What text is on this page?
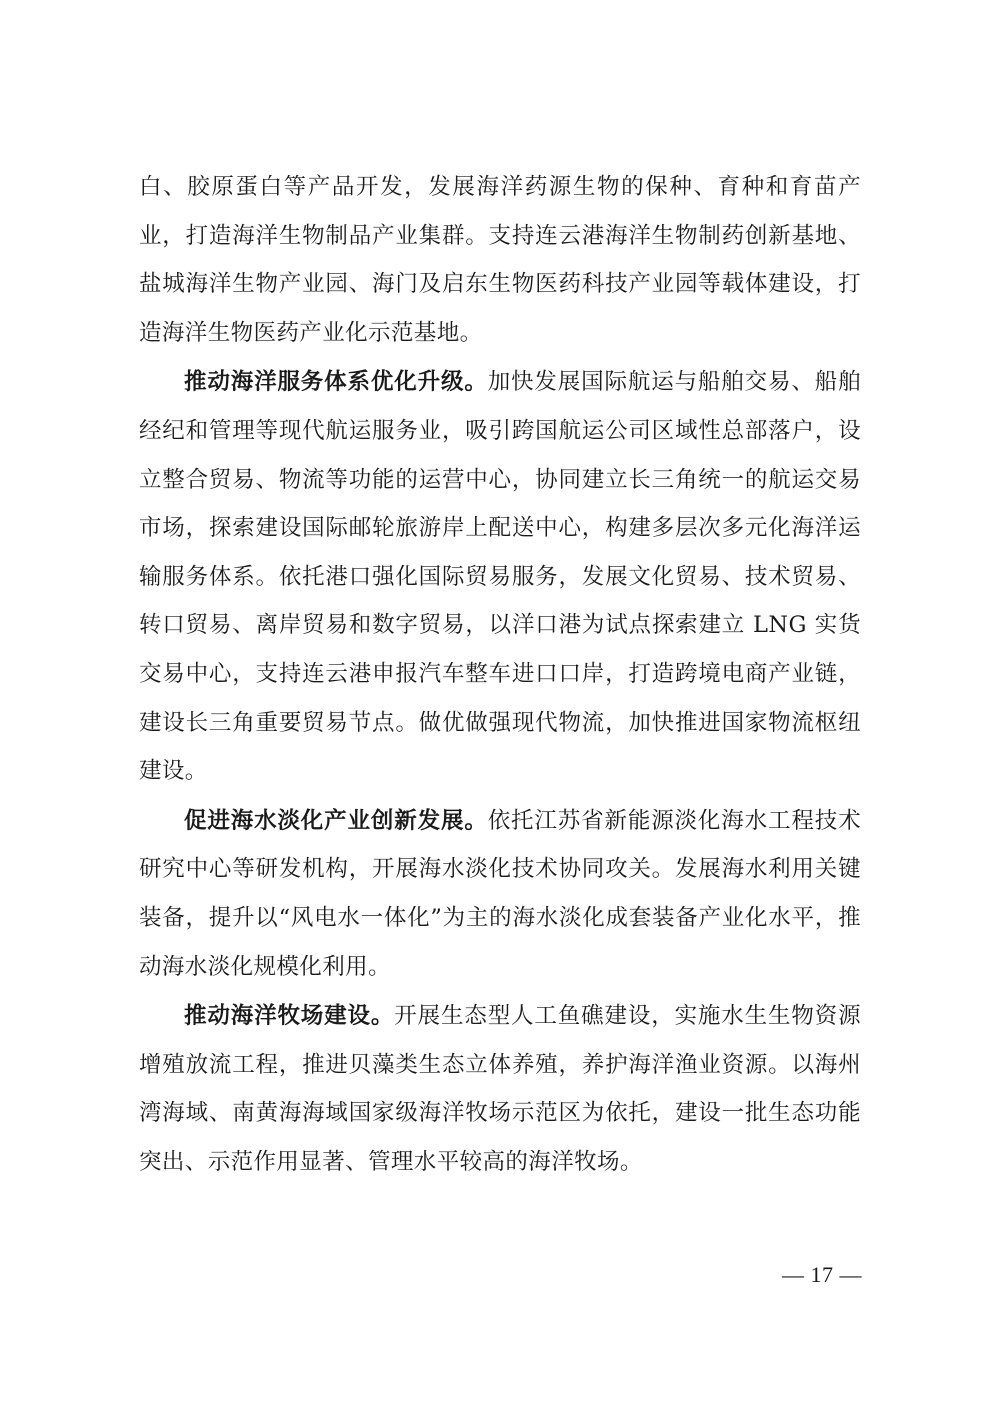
白、胶原蛋白等产品开发，发展海洋药源生物的保种、育种和育苗产业，打造海洋生物制品产业集群。支持连云港海洋生物制药创新基地、盐城海洋生物产业园、海门及启东生物医药科技产业园等载体建设，打造海洋生物医药产业化示范基地。

推动海洋服务体系优化升级。加快发展国际航运与船舶交易、船舶经纪和管理等现代航运服务业，吸引跨国航运公司区域性总部落户，设立整合贸易、物流等功能的运营中心，协同建立长三角统一的航运交易市场，探索建设国际邮轮旅游岸上配送中心，构建多层次多元化海洋运输服务体系。依托港口强化国际贸易服务，发展文化贸易、技术贸易、转口贸易、离岸贸易和数字贸易，以洋口港为试点探索建立 LNG 实货交易中心，支持连云港申报汽车整车进口口岸，打造跨境电商产业链，建设长三角重要贸易节点。做优做强现代物流，加快推进国家物流枢纽建设。

促进海水淡化产业创新发展。依托江苏省新能源淡化海水工程技术研究中心等研发机构，开展海水淡化技术协同攻关。发展海水利用关键装备，提升以“风电水一体化”为主的海水淡化成套装备产业化水平，推动海水淡化规模化利用。

推动海洋牧场建设。开展生态型人工鱼礁建设，实施水生生物资源增殖放流工程，推进贝藻类生态立体养殖，养护海洋渔业资源。以海州湾海域、南黄海海域国家级海洋牧场示范区为依托，建设一批生态功能突出、示范作用显著、管理水平较高的海洋牧场。

— 17 —
